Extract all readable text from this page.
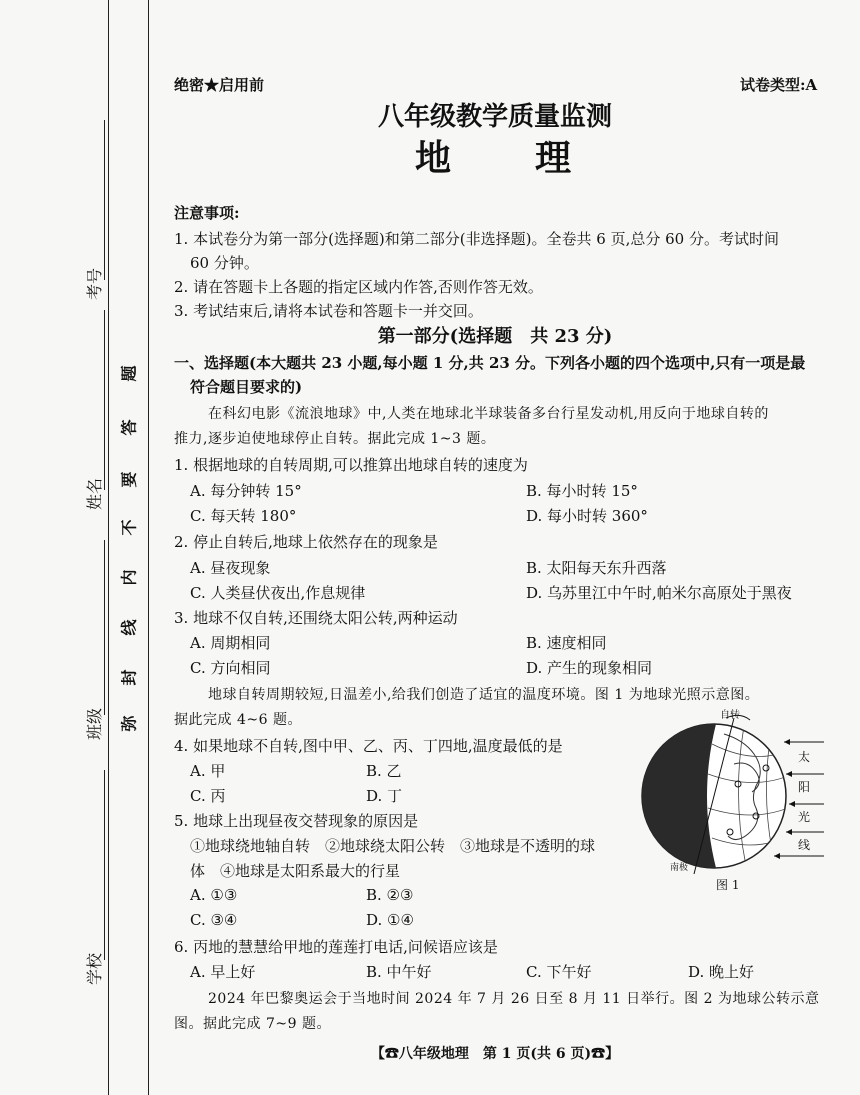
考号
姓名
班级
学校
题
答
要
不
内
线
封
弥
绝密★启用前	试卷类型:A
八年级教学质量监测
地　　理
注意事项:
1. 本试卷分为第一部分(选择题)和第二部分(非选择题)。全卷共 6 页,总分 60 分。考试时间
60 分钟。
2. 请在答题卡上各题的指定区域内作答,否则作答无效。
3. 考试结束后,请将本试卷和答题卡一并交回。
第一部分(选择题　共 23 分)
一、选择题(本大题共 23 小题,每小题 1 分,共 23 分。下列各小题的四个选项中,只有一项是最
符合题目要求的)
在科幻电影《流浪地球》中,人类在地球北半球装备多台行星发动机,用反向于地球自转的
推力,逐步迫使地球停止自转。据此完成 1~3 题。
1. 根据地球的自转周期,可以推算出地球自转的速度为
A. 每分钟转 15°	B. 每小时转 15°
C. 每天转 180°	D. 每小时转 360°
2. 停止自转后,地球上依然存在的现象是
A. 昼夜现象	B. 太阳每天东升西落
C. 人类昼伏夜出,作息规律	D. 乌苏里江中午时,帕米尔高原处于黑夜
3. 地球不仅自转,还围绕太阳公转,两种运动
A. 周期相同	B. 速度相同
C. 方向相同	D. 产生的现象相同
地球自转周期较短,日温差小,给我们创造了适宜的温度环境。图 1 为地球光照示意图。
据此完成 4~6 题。
4. 如果地球不自转,图中甲、乙、丙、丁四地,温度最低的是
A. 甲	B. 乙
C. 丙	D. 丁
5. 地球上出现昼夜交替现象的原因是
①地球绕地轴自转　②地球绕太阳公转　③地球是不透明的球
体　④地球是太阳系最大的行星
A. ①③	B. ②③
C. ③④	D. ①④
6. 丙地的慧慧给甲地的莲莲打电话,问候语应该是
A. 早上好	B. 中午好	C. 下午好	D. 晚上好
2024 年巴黎奥运会于当地时间 2024 年 7 月 26 日至 8 月 11 日举行。图 2 为地球公转示意
图。据此完成 7~9 题。
自转
南极
太
阳
光
线
图 1
【☎八年级地理　第 1 页(共 6 页)☎】
